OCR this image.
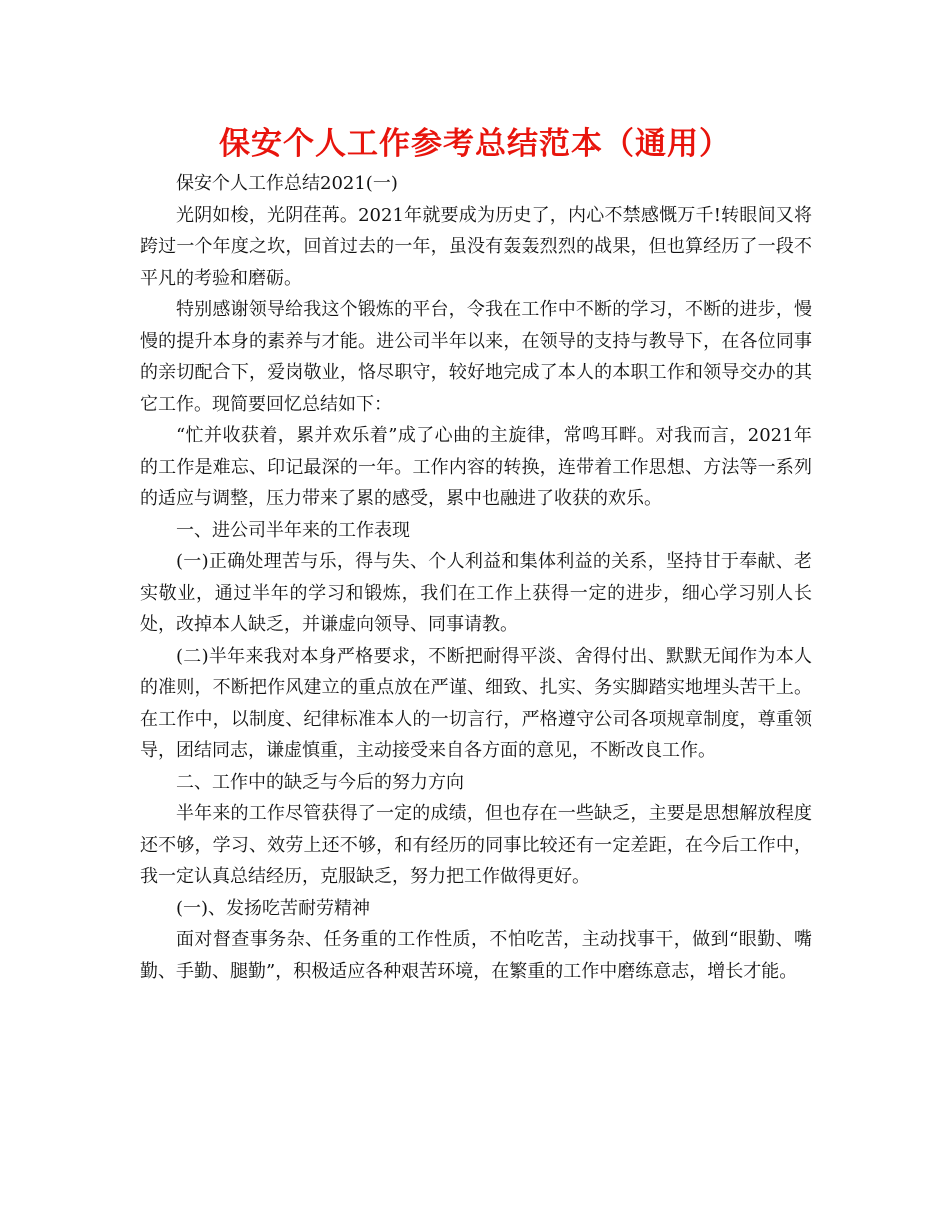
保安个人工作参考总结范本（通用）

保安个人工作总结2021(一)

光阴如梭，光阴荏苒。2021年就要成为历史了，内心不禁感慨万千!转眼间又将跨过一个年度之坎，回首过去的一年，虽没有轰轰烈烈的战果，但也算经历了一段不平凡的考验和磨砺。

特别感谢领导给我这个锻炼的平台，令我在工作中不断的学习，不断的进步，慢慢的提升本身的素养与才能。进公司半年以来，在领导的支持与教导下，在各位同事的亲切配合下，爱岗敬业，恪尽职守，较好地完成了本人的本职工作和领导交办的其它工作。现简要回忆总结如下：

“忙并收获着，累并欢乐着”成了心曲的主旋律，常鸣耳畔。对我而言，2021年的工作是难忘、印记最深的一年。工作内容的转换，连带着工作思想、方法等一系列的适应与调整，压力带来了累的感受，累中也融进了收获的欢乐。

一、进公司半年来的工作表现

(一)正确处理苦与乐，得与失、个人利益和集体利益的关系，坚持甘于奉献、老实敬业，通过半年的学习和锻炼，我们在工作上获得一定的进步，细心学习别人长处，改掉本人缺乏，并谦虚向领导、同事请教。

(二)半年来我对本身严格要求，不断把耐得平淡、舍得付出、默默无闻作为本人的准则，不断把作风建立的重点放在严谨、细致、扎实、务实脚踏实地埋头苦干上。在工作中，以制度、纪律标准本人的一切言行，严格遵守公司各项规章制度，尊重领导，团结同志，谦虚慎重，主动接受来自各方面的意见，不断改良工作。

二、工作中的缺乏与今后的努力方向

半年来的工作尽管获得了一定的成绩，但也存在一些缺乏，主要是思想解放程度还不够，学习、效劳上还不够，和有经历的同事比较还有一定差距，在今后工作中，我一定认真总结经历，克服缺乏，努力把工作做得更好。

(一)、发扬吃苦耐劳精神

面对督查事务杂、任务重的工作性质，不怕吃苦，主动找事干，做到“眼勤、嘴勤、手勤、腿勤”，积极适应各种艰苦环境，在繁重的工作中磨练意志，增长才能。
